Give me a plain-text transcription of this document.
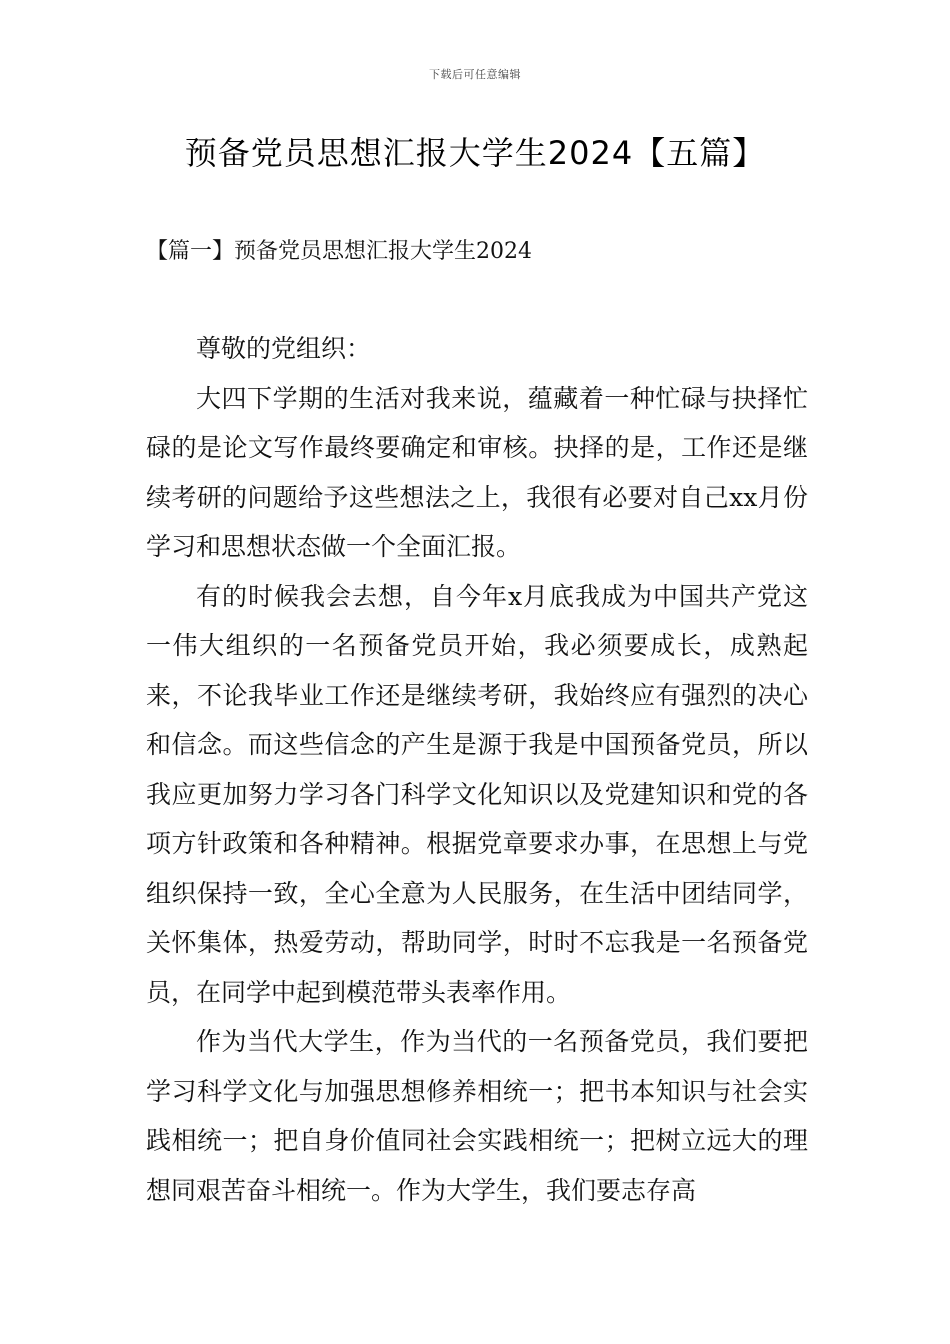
下载后可任意编辑
预备党员思想汇报大学生2024【五篇】
【篇一】预备党员思想汇报大学生2024

尊敬的党组织：

大四下学期的生活对我来说，蕴藏着一种忙碌与抉择忙碌的是论文写作最终要确定和审核。抉择的是，工作还是继续考研的问题给予这些想法之上，我很有必要对自己xx月份学习和思想状态做一个全面汇报。

有的时候我会去想，自今年x月底我成为中国共产党这一伟大组织的一名预备党员开始，我必须要成长，成熟起来，不论我毕业工作还是继续考研，我始终应有强烈的决心和信念。而这些信念的产生是源于我是中国预备党员，所以我应更加努力学习各门科学文化知识以及党建知识和党的各项方针政策和各种精神。根据党章要求办事，在思想上与党组织保持一致，全心全意为人民服务，在生活中团结同学，关怀集体，热爱劳动，帮助同学，时时不忘我是一名预备党员，在同学中起到模范带头表率作用。

作为当代大学生，作为当代的一名预备党员，我们要把学习科学文化与加强思想修养相统一；把书本知识与社会实践相统一；把自身价值同社会实践相统一；把树立远大的理想同艰苦奋斗相统一。作为大学生，我们要志存高
